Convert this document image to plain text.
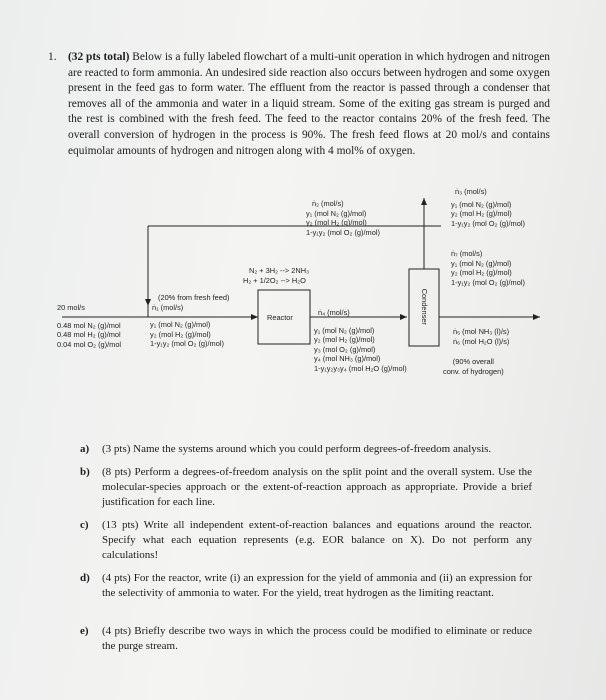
1. (32 pts total) Below is a fully labeled flowchart of a multi-unit operation in which hydrogen and nitrogen are reacted to form ammonia. An undesired side reaction also occurs between hydrogen and some oxygen present in the feed gas to form water. The effluent from the reactor is passed through a condenser that removes all of the ammonia and water in a liquid stream. Some of the exiting gas stream is purged and the rest is combined with the fresh feed. The feed to the reactor contains 20% of the fresh feed. The overall conversion of hydrogen in the process is 90%. The fresh feed flows at 20 mol/s and contains equimolar amounts of hydrogen and nitrogen along with 4 mol% of oxygen.
ṅ₂ (mol/s)
y₁ (mol N₂ (g)/mol)
y₂ (mol H₂ (g)/mol)
1-y₁y₂ (mol O₂ (g)/mol)
ṅ₃ (mol/s)
y₁ (mol N₂ (g)/mol)
y₂ (mol H₂ (g)/mol)
1-y₁y₂ (mol O₂ (g)/mol)
ṅ₇ (mol/s)
y₁ (mol N₂ (g)/mol)
y₂ (mol H₂ (g)/mol)
1-y₁y₂ (mol O₂ (g)/mol)
N₂ + 3H₂ --> 2NH₃
H₂ + 1/2O₂ --> H₂O
Reactor	Condenser
20 mol/s
0.48 mol N₂ (g)/mol
0.48 mol H₂ (g)/mol
0.04 mol O₂ (g)/mol
(20% from fresh feed)
ṅ₁ (mol/s)
y₁ (mol N₂ (g)/mol)
y₂ (mol H₂ (g)/mol)
1-y₁y₂ (mol O₂ (g)/mol)
ṅ₄ (mol/s)
y₁ (mol N₂ (g)/mol)
y₂ (mol H₂ (g)/mol)
y₃ (mol O₂ (g)/mol)
y₄ (mol NH₃ (g)/mol)
1-y₁y₂y₃y₄ (mol H₂O (g)/mol)
ṅ₅ (mol NH₃ (l)/s)
ṅ₆ (mol H₂O (l)/s)
(90% overall
conv. of hydrogen)
a) (3 pts) Name the systems around which you could perform degrees-of-freedom analysis.

b) (8 pts) Perform a degrees-of-freedom analysis on the split point and the overall system. Use the molecular-species approach or the extent-of-reaction approach as appropriate. Provide a brief justification for each line.

c) (13 pts) Write all independent extent-of-reaction balances and equations around the reactor. Specify what each equation represents (e.g. EOR balance on X). Do not perform any calculations!

d) (4 pts) For the reactor, write (i) an expression for the yield of ammonia and (ii) an expression for the selectivity of ammonia to water. For the yield, treat hydrogen as the limiting reactant.

e) (4 pts) Briefly describe two ways in which the process could be modified to eliminate or reduce the purge stream.
